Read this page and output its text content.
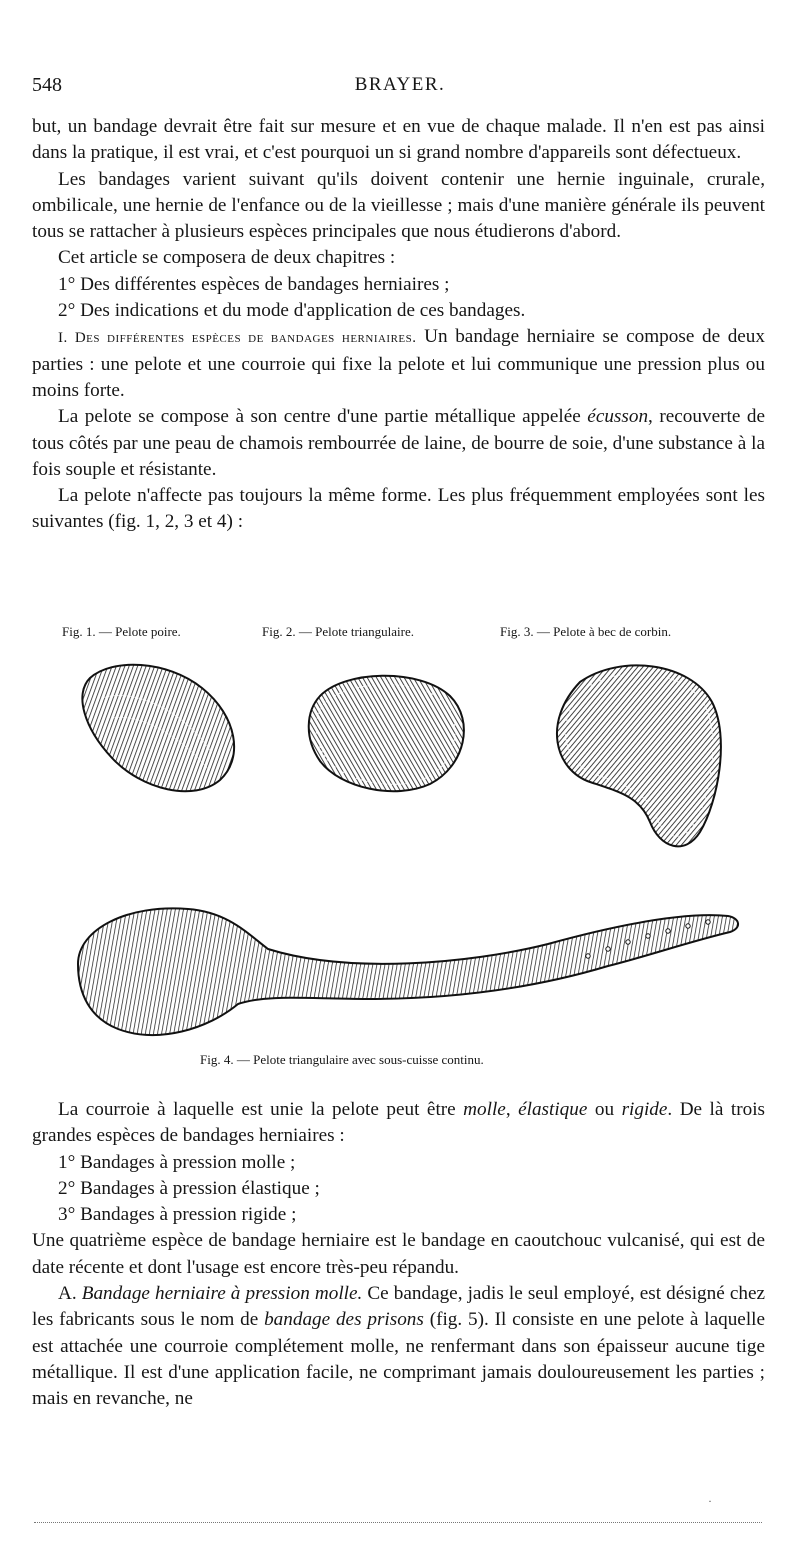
548	BRAYER.

but, un bandage devrait être fait sur mesure et en vue de chaque malade. Il n'en est pas ainsi dans la pratique, il est vrai, et c'est pourquoi un si grand nombre d'appareils sont défectueux.

Les bandages varient suivant qu'ils doivent contenir une hernie inguinale, crurale, ombilicale, une hernie de l'enfance ou de la vieillesse ; mais d'une manière générale ils peuvent tous se rattacher à plusieurs espèces principales que nous étudierons d'abord.

Cet article se composera de deux chapitres :

1° Des différentes espèces de bandages herniaires ;

2° Des indications et du mode d'application de ces bandages.

I. Des différentes espèces de bandages herniaires. Un bandage herniaire se compose de deux parties : une pelote et une courroie qui fixe la pelote et lui communique une pression plus ou moins forte.

La pelote se compose à son centre d'une partie métallique appelée écusson, recouverte de tous côtés par une peau de chamois rembourrée de laine, de bourre de soie, d'une substance à la fois souple et résistante.

La pelote n'affecte pas toujours la même forme. Les plus fréquemment employées sont les suivantes (fig. 1, 2, 3 et 4) :

Fig. 1. — Pelote poire.	Fig. 2. — Pelote triangulaire.	Fig. 3. — Pelote à bec de corbin.
Fig. 4. — Pelote triangulaire avec sous-cuisse continu.

La courroie à laquelle est unie la pelote peut être molle, élastique ou rigide. De là trois grandes espèces de bandages herniaires :

1° Bandages à pression molle ;

2° Bandages à pression élastique ;

3° Bandages à pression rigide ;

Une quatrième espèce de bandage herniaire est le bandage en caoutchouc vulcanisé, qui est de date récente et dont l'usage est encore très-peu répandu.

A. Bandage herniaire à pression molle. Ce bandage, jadis le seul employé, est désigné chez les fabricants sous le nom de bandage des prisons (fig. 5). Il consiste en une pelote à laquelle est attachée une courroie complétement molle, ne renfermant dans son épaisseur aucune tige métallique. Il est d'une application facile, ne comprimant jamais douloureusement les parties ; mais en revanche, ne

·
